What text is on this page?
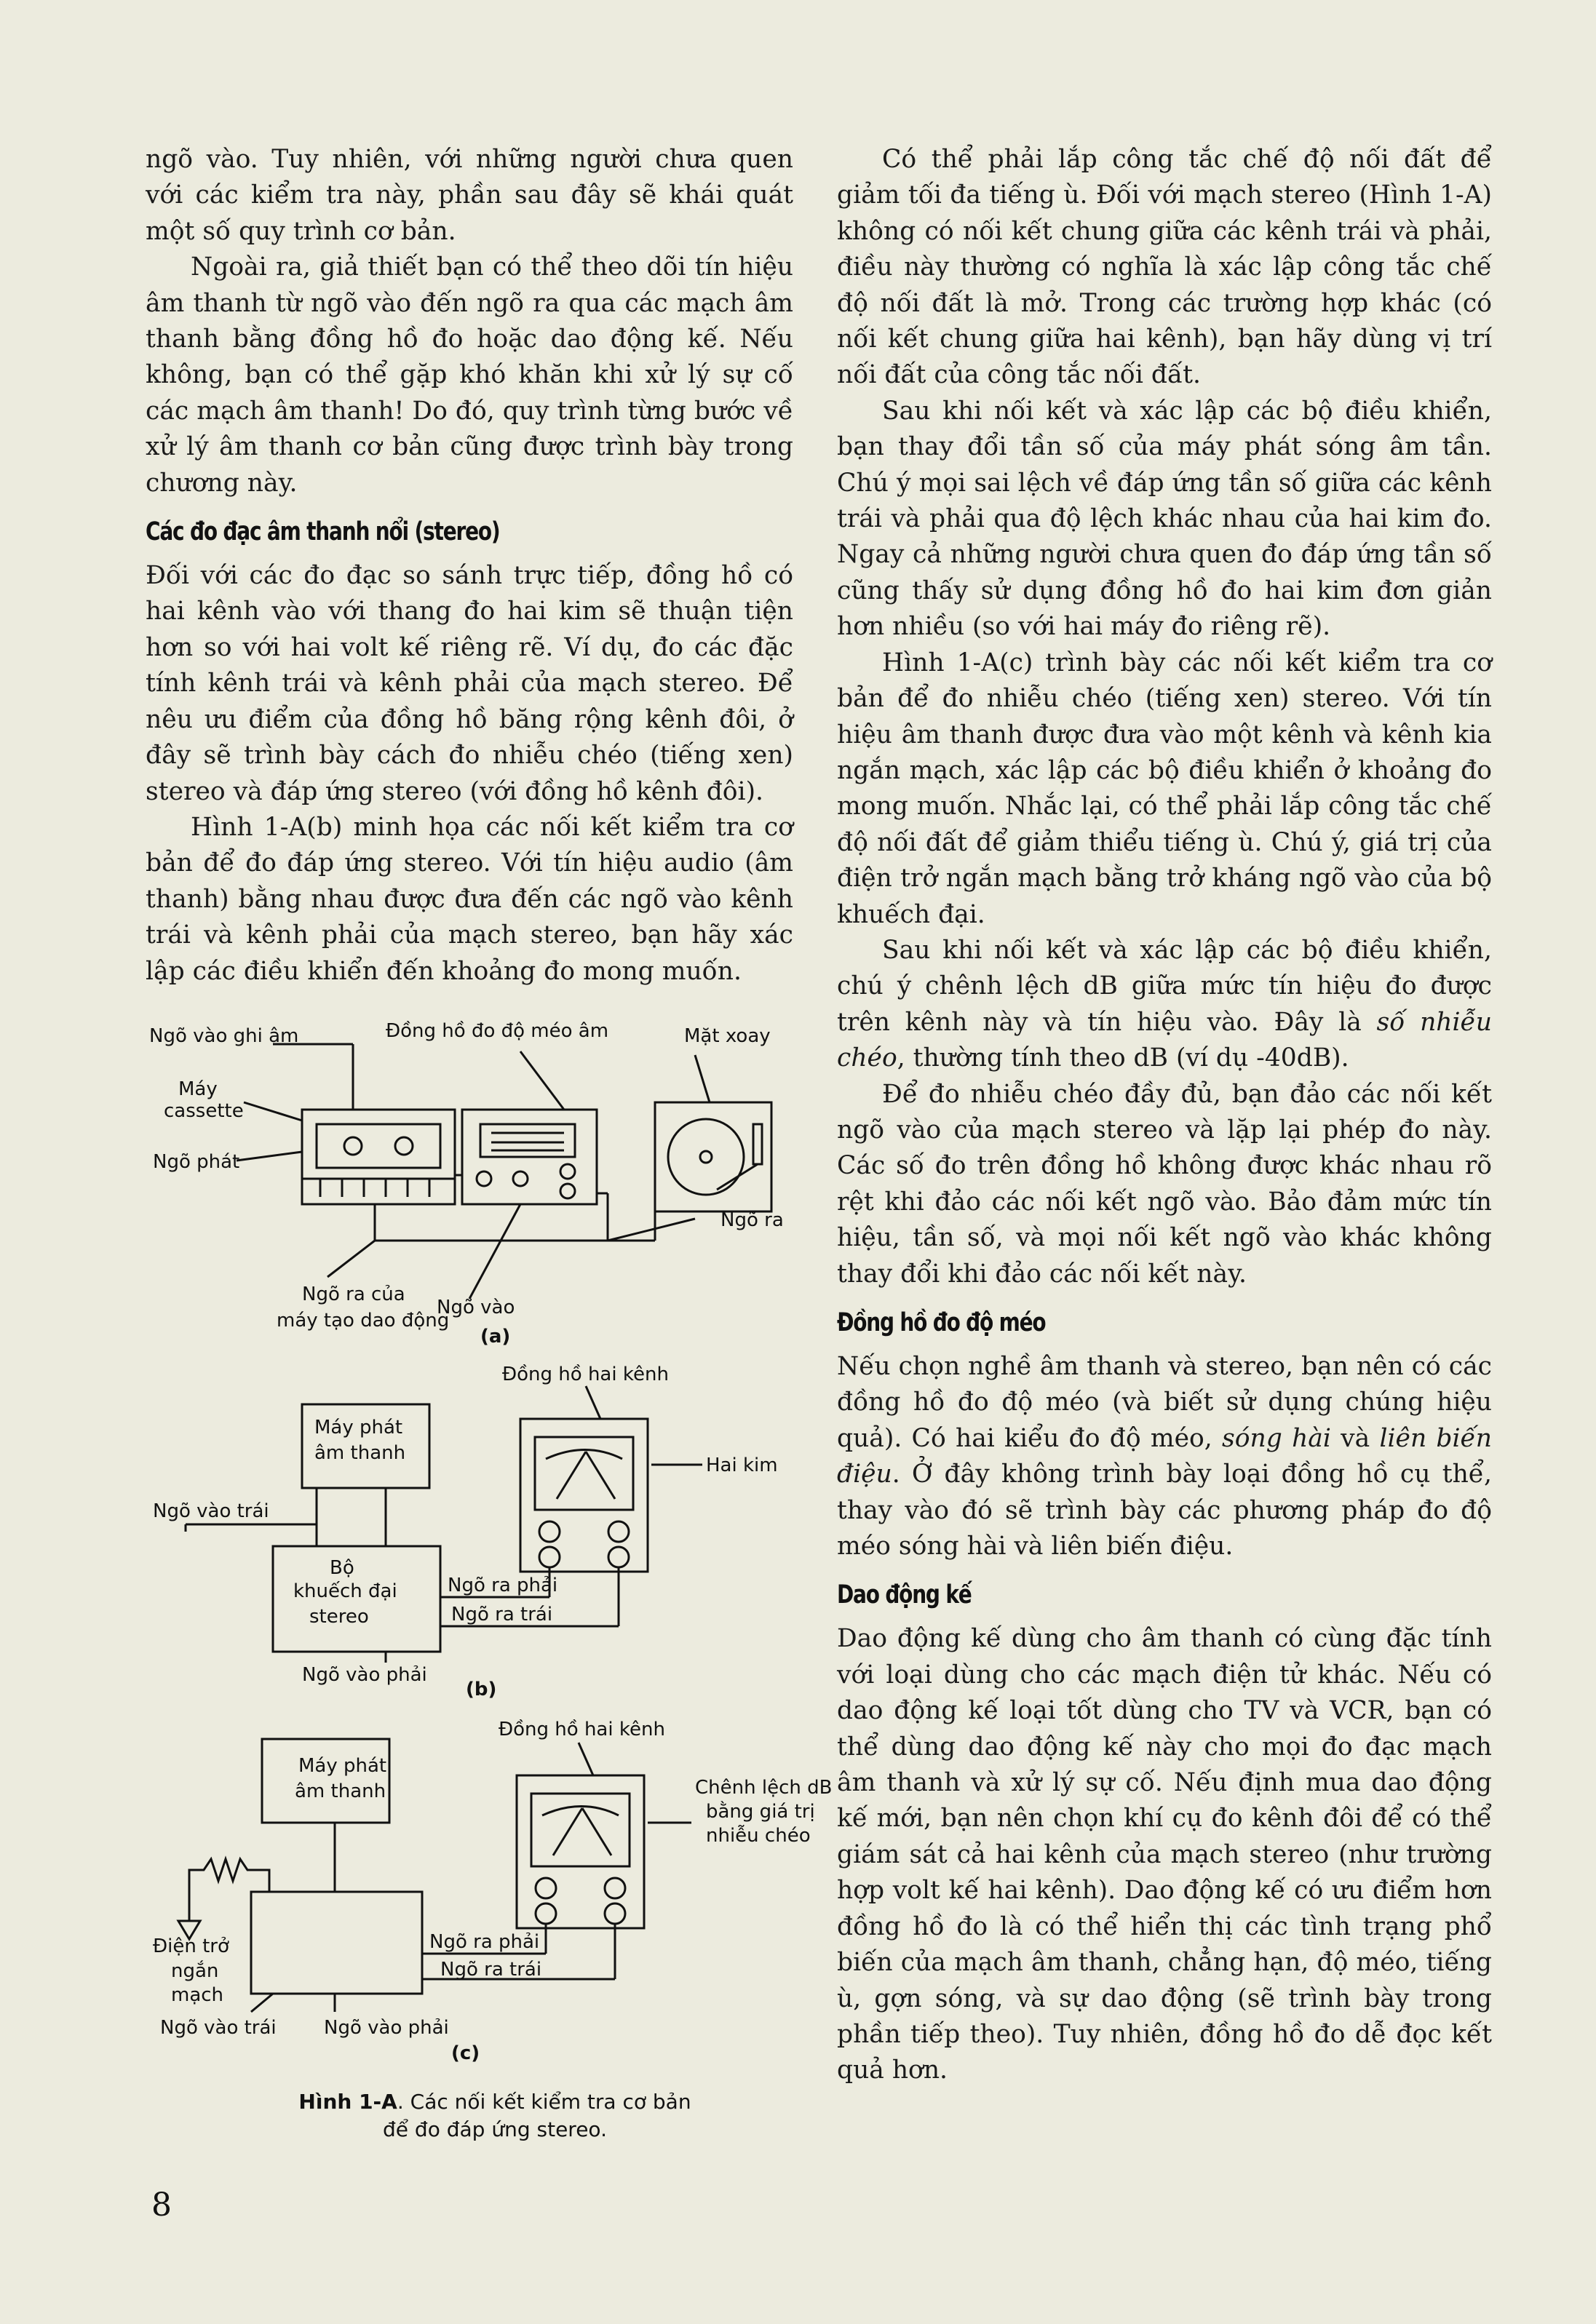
ngõ vào. Tuy nhiên, với những người chưa quen với các kiểm tra này, phần sau đây sẽ khái quát một số quy trình cơ bản.

Ngoài ra, giả thiết bạn có thể theo dõi tín hiệu âm thanh từ ngõ vào đến ngõ ra qua các mạch âm thanh bằng đồng hồ đo hoặc dao động kế. Nếu không, bạn có thể gặp khó khăn khi xử lý sự cố các mạch âm thanh! Do đó, quy trình từng bước về xử lý âm thanh cơ bản cũng được trình bày trong chương này.

Các đo đạc âm thanh nổi (stereo)

Đối với các đo đạc so sánh trực tiếp, đồng hồ có hai kênh vào với thang đo hai kim sẽ thuận tiện hơn so với hai volt kế riêng rẽ. Ví dụ, đo các đặc tính kênh trái và kênh phải của mạch stereo. Để nêu ưu điểm của đồng hồ băng rộng kênh đôi, ở đây sẽ trình bày cách đo nhiễu chéo (tiếng xen) stereo và đáp ứng stereo (với đồng hồ kênh đôi).

Hình 1-A(b) minh họa các nối kết kiểm tra cơ bản để đo đáp ứng stereo. Với tín hiệu audio (âm thanh) bằng nhau được đưa đến các ngõ vào kênh trái và kênh phải của mạch stereo, bạn hãy xác lập các điều khiển đến khoảng đo mong muốn.

Ngõ vào ghi âm	Đồng hồ đo độ méo âm	Mặt xoay
Máy
cassette
Ngõ phát
Ngõ ra
Ngõ ra của
máy tạo dao động
Ngõ vào
(a)
Đồng hồ hai kênh
Máy phát
âm thanh
Hai kim
Ngõ vào trái
Bộ
khuếch đại
stereo
Ngõ ra phải
Ngõ ra trái
Ngõ vào phải
(b)
Đồng hồ hai kênh
Máy phát
âm thanh	Chênh lệch dB
bằng giá trị
nhiễu chéo
Điện trở
ngắn
mạch
Ngõ ra phải
Ngõ ra trái
Ngõ vào trái	Ngõ vào phải
(c)
Hình 1-A. Các nối kết kiểm tra cơ bản
để đo đáp ứng stereo.

Có thể phải lắp công tắc chế độ nối đất để giảm tối đa tiếng ù. Đối với mạch stereo (Hình 1-A) không có nối kết chung giữa các kênh trái và phải, điều này thường có nghĩa là xác lập công tắc chế độ nối đất là mở. Trong các trường hợp khác (có nối kết chung giữa hai kênh), bạn hãy dùng vị trí nối đất của công tắc nối đất.

Sau khi nối kết và xác lập các bộ điều khiển, bạn thay đổi tần số của máy phát sóng âm tần. Chú ý mọi sai lệch về đáp ứng tần số giữa các kênh trái và phải qua độ lệch khác nhau của hai kim đo. Ngay cả những người chưa quen đo đáp ứng tần số cũng thấy sử dụng đồng hồ đo hai kim đơn giản hơn nhiều (so với hai máy đo riêng rẽ).

Hình 1-A(c) trình bày các nối kết kiểm tra cơ bản để đo nhiễu chéo (tiếng xen) stereo. Với tín hiệu âm thanh được đưa vào một kênh và kênh kia ngắn mạch, xác lập các bộ điều khiển ở khoảng đo mong muốn. Nhắc lại, có thể phải lắp công tắc chế độ nối đất để giảm thiểu tiếng ù. Chú ý, giá trị của điện trở ngắn mạch bằng trở kháng ngõ vào của bộ khuếch đại.

Sau khi nối kết và xác lập các bộ điều khiển, chú ý chênh lệch dB giữa mức tín hiệu đo được trên kênh này và tín hiệu vào. Đây là số nhiễu chéo, thường tính theo dB (ví dụ -40dB).

Để đo nhiễu chéo đầy đủ, bạn đảo các nối kết ngõ vào của mạch stereo và lặp lại phép đo này. Các số đo trên đồng hồ không được khác nhau rõ rệt khi đảo các nối kết ngõ vào. Bảo đảm mức tín hiệu, tần số, và mọi nối kết ngõ vào khác không thay đổi khi đảo các nối kết này.

Đồng hồ đo độ méo

Nếu chọn nghề âm thanh và stereo, bạn nên có các đồng hồ đo độ méo (và biết sử dụng chúng hiệu quả). Có hai kiểu đo độ méo, sóng hài và liên biến điệu. Ở đây không trình bày loại đồng hồ cụ thể, thay vào đó sẽ trình bày các phương pháp đo độ méo sóng hài và liên biến điệu.

Dao động kế

Dao động kế dùng cho âm thanh có cùng đặc tính với loại dùng cho các mạch điện tử khác. Nếu có dao động kế loại tốt dùng cho TV và VCR, bạn có thể dùng dao động kế này cho mọi đo đạc mạch âm thanh và xử lý sự cố. Nếu định mua dao động kế mới, bạn nên chọn khí cụ đo kênh đôi để có thể giám sát cả hai kênh của mạch stereo (như trường hợp volt kế hai kênh). Dao động kế có ưu điểm hơn đồng hồ đo là có thể hiển thị các tình trạng phổ biến của mạch âm thanh, chẳng hạn, độ méo, tiếng ù, gợn sóng, và sự dao động (sẽ trình bày trong phần tiếp theo). Tuy nhiên, đồng hồ đo dễ đọc kết quả hơn.

8
